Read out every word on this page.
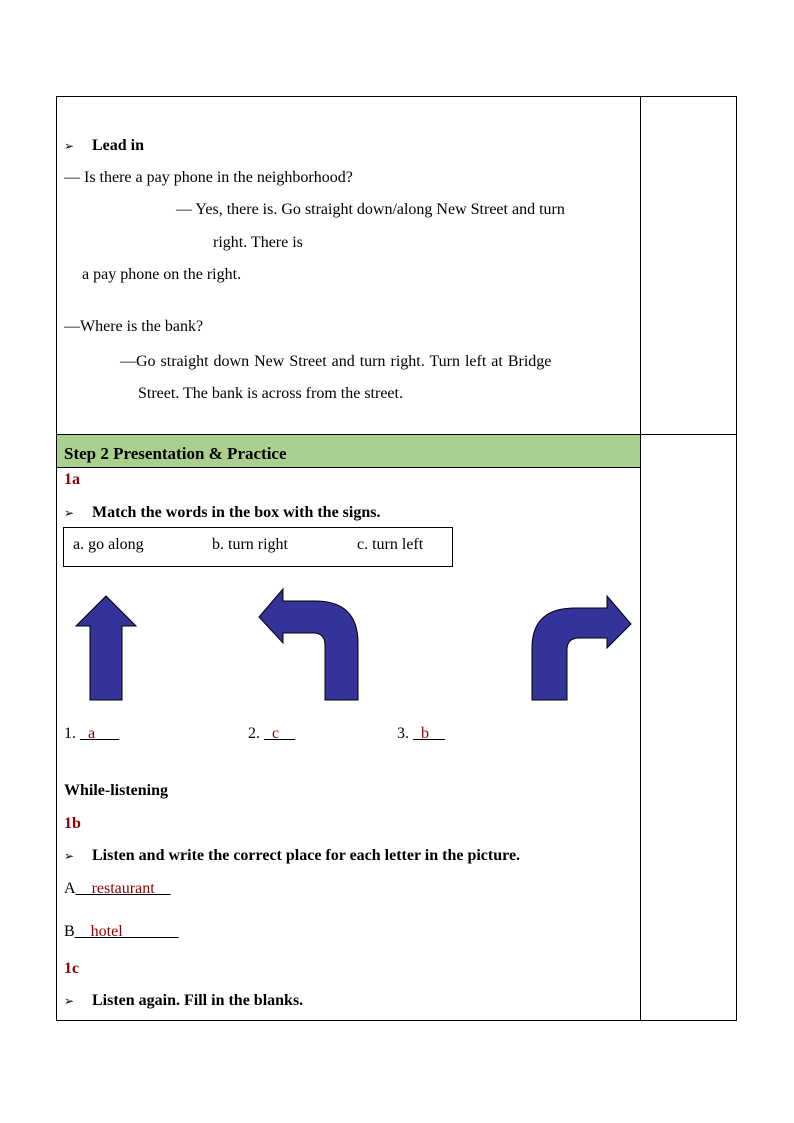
➢ Lead in
— Is there a pay phone in the neighborhood?
— Yes, there is. Go straight down/along New Street and turn
right. There is
a pay phone on the right.
—Where is the bank?
—Go straight down New Street and turn right. Turn left at Bridge
Street. The bank is across from the street.
Step 2 Presentation & Practice
1a
➢ Match the words in the box with the signs.
a. go along	b. turn right	c. turn left
1. _a___	2. _c__	3. _b__
While-listening
1b
➢ Listen and write the correct place for each letter in the picture.
A__restaurant__
B__hotel_______
1c
➢ Listen again. Fill in the blanks.
